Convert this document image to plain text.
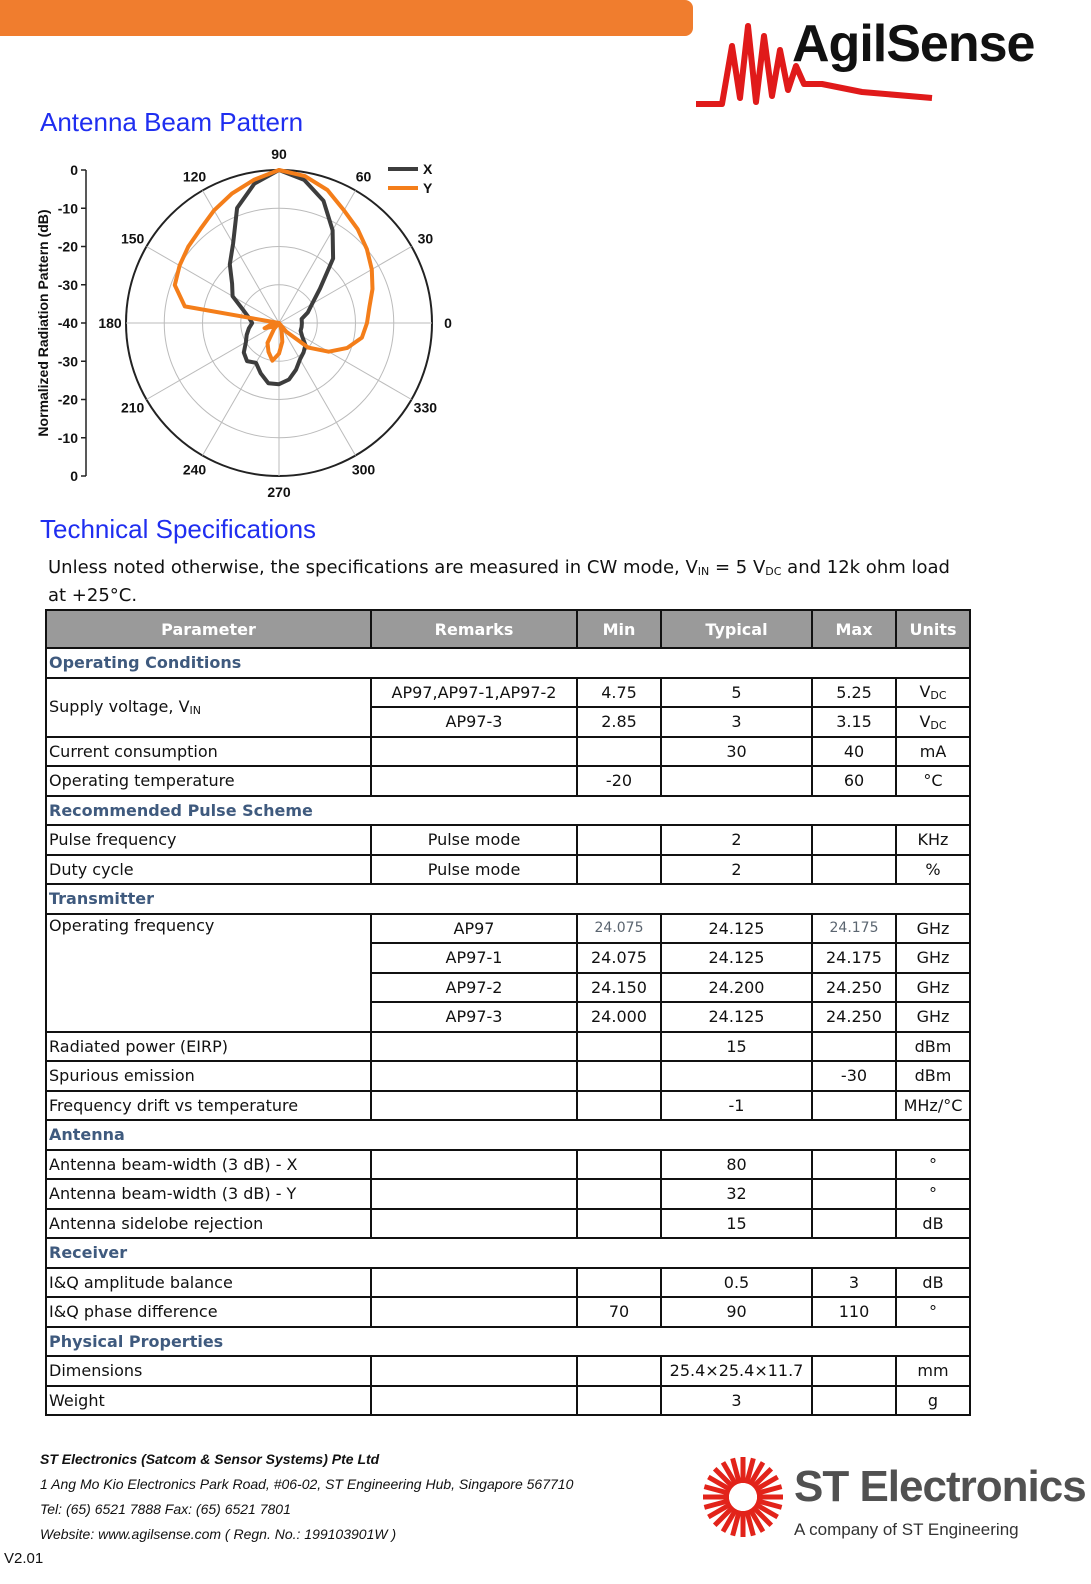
AgilSense
Antenna Beam Pattern
0
30
60
90
120
150
180
210
240
270
300
330
0
-10
-20
-30
-40
-30
-20
-10
0
Normalized Radiation Pattern (dB)
X
Y
Technical Specifications
Unless noted otherwise, the specifications are measured in CW mode, $V_{IN} = 5$ $V_{DC}$ and 12k ohm load at +25°C.
Parameter	Remarks	Min	Typical	Max	Units
Operating Conditions					
Supply voltage, $V_{IN}$	AP97,AP97-1,AP97-2	4.75	5	5.25	$V_{DC}$
	AP97-3	2.85	3	3.15	$V_{DC}$
Current consumption			30	40	mA
Operating temperature		-20		60	°C
Recommended Pulse Scheme					
Pulse frequency	Pulse mode		2		KHz
Duty cycle	Pulse mode		2		%
Transmitter					
Operating frequency	AP97	24.075	24.125	24.175	GHz
	AP97-1	24.075	24.125	24.175	GHz
	AP97-2	24.150	24.200	24.250	GHz
	AP97-3	24.000	24.125	24.250	GHz
Radiated power (EIRP)			15		dBm
Spurious emission				-30	dBm
Frequency drift vs temperature			-1		MHz/°C
Antenna					
Antenna beam-width (3 dB) - X			80		°
Antenna beam-width (3 dB) - Y			32		°
Antenna sidelobe rejection			15		dB
Receiver					
I&Q amplitude balance			0.5	3	dB
I&Q phase difference		70	90	110	°
Physical Properties					
Dimensions			25.4×25.4×11.7		mm
Weight			3		g
ST Electronics (Satcom & Sensor Systems) Pte Ltd
1 Ang Mo Kio Electronics Park Road, #06-02, ST Engineering Hub, Singapore 567710
Tel: (65) 6521 7888 Fax: (65) 6521 7801
Website: www.agilsense.com ( Regn. No.: 199103901W )
V2.01
ST Electronics
A company of ST Engineering
